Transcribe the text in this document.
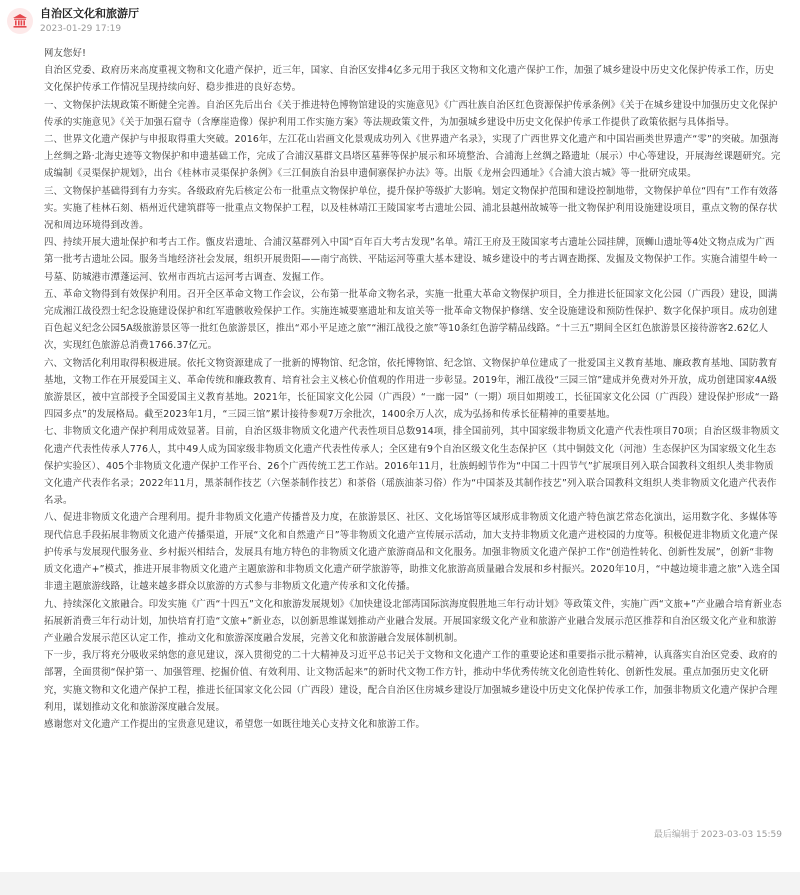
自治区文化和旅游厅
2023-01-29 17:19

网友您好!

自治区党委、政府历来高度重视文物和文化遗产保护，近三年，国家、自治区安排4亿多元用于我区文物和文化遗产保护工作，加强了城乡建设中历史文化保护传承工作，历史文化保护传承工作情况呈现持续向好、稳步推进的良好态势。

一、文物保护法规政策不断健全完善。自治区先后出台《关于推进特色博物馆建设的实施意见》《广西壮族自治区红色资源保护传承条例》《关于在城乡建设中加强历史文化保护传承的实施意见》《关于加强石窟寺（含摩崖造像）保护利用工作实施方案》等法规政策文件，为加强城乡建设中历史文化保护传承工作提供了政策依据与具体指导。

二、世界文化遗产保护与申报取得重大突破。2016年，左江花山岩画文化景观成功列入《世界遗产名录》，实现了广西世界文化遗产和中国岩画类世界遗产“零”的突破。加强海上丝绸之路·北海史迹等文物保护和申遗基础工作，完成了合浦汉墓群文昌塔区墓葬等保护展示和环境整治、合浦海上丝绸之路遗址（展示）中心等建设，开展海丝课题研究。完成编制《灵渠保护规划》，出台《桂林市灵渠保护条例》《三江侗族自治县申遗侗寨保护办法》等。出版《龙州会四通址》《合浦大浪古城》等一批研究成果。

三、文物保护基础得到有力夯实。各级政府先后核定公布一批重点文物保护单位，提升保护等级扩大影响。划定文物保护范围和建设控制地带，文物保护单位“四有”工作有效落实。实施了桂林石刻、梧州近代建筑群等一批重点文物保护工程，以及桂林靖江王陵国家考古遗址公园、浦北县越州故城等一批文物保护利用设施建设项目，重点文物的保存状况和周边环境得到改善。

四、持续开展大遗址保护和考古工作。甑皮岩遗址、合浦汉墓群列入中国“百年百大考古发现”名单。靖江王府及王陵国家考古遗址公园挂牌，顶蛳山遗址等4处文物点成为广西第一批考古遗址公园。服务当地经济社会发展，组织开展贵阳——南宁高铁、平陆运河等重大基本建设、城乡建设中的考古调查勘探、发掘及文物保护工作。实施合浦望牛岭一号墓、防城港市潭蓬运河、钦州市西坑古运河考古调查、发掘工作。

五、革命文物得到有效保护利用。召开全区革命文物工作会议，公布第一批革命文物名录，实施一批重大革命文物保护项目，全力推进长征国家文化公园（广西段）建设，圆满完成湘江战役烈士纪念设施建设保护和红军遗骸收殓保护工作。实施连城要塞遗址和友谊关等一批革命文物保护修缮、安全设施建设和预防性保护、数字化保护项目。成功创建百色起义纪念公园5A级旅游景区等一批红色旅游景区，推出“邓小平足迹之旅”“湘江战役之旅”等10条红色游学精品线路。“十三五”期间全区红色旅游景区接待游客2.62亿人次，实现红色旅游总消费1766.37亿元。

六、文物活化利用取得积极进展。依托文物资源建成了一批新的博物馆、纪念馆，依托博物馆、纪念馆、文物保护单位建成了一批爱国主义教育基地、廉政教育基地、国防教育基地，文物工作在开展爱国主义、革命传统和廉政教育、培育社会主义核心价值观的作用进一步彰显。2019年，湘江战役“三园三馆”建成并免费对外开放，成功创建国家4A级旅游景区，被中宣部授予全国爱国主义教育基地。2021年，长征国家文化公园（广西段）“一廊一园”（一期）项目如期竣工，长征国家文化公园（广西段）建设保护形成“一路四园多点”的发展格局。截至2023年1月，“三园三馆”累计接待参观7万余批次，1400余万人次，成为弘扬和传承长征精神的重要基地。

七、非物质文化遗产保护利用成效显著。目前，自治区级非物质文化遗产代表性项目总数914项，排全国前列，其中国家级非物质文化遗产代表性项目70项；自治区级非物质文化遗产代表性传承人776人，其中49人成为国家级非物质文化遗产代表性传承人；全区建有9个自治区级文化生态保护区（其中铜鼓文化（河池）生态保护区为国家级文化生态保护实验区）、405个非物质文化遗产保护工作平台、26个广西传统工艺工作站。2016年11月，壮族蚂蚓节作为“中国二十四节气”扩展项目列入联合国教科文组织人类非物质文化遗产代表作名录；2022年11月，黑茶制作技艺（六堡茶制作技艺）和茶俗（瑶族油茶习俗）作为“中国茶及其制作技艺”列入联合国教科文组织人类非物质文化遗产代表作名录。

八、促进非物质文化遗产合理利用。提升非物质文化遗产传播普及力度，在旅游景区、社区、文化场馆等区域形成非物质文化遗产特色演艺常态化演出，运用数字化、多媒体等现代信息手段拓展非物质文化遗产传播渠道，开展“文化和自然遗产日”等非物质文化遗产宣传展示活动，加大支持非物质文化遗产进校园的力度等。积极促进非物质文化遗产保护传承与发展现代服务业、乡村振兴相结合，发展具有地方特色的非物质文化遗产旅游商品和文化服务。加强非物质文化遗产保护工作“创造性转化、创新性发展”，创新“非物质文化遗产+”模式，推进开展非物质文化遗产主题旅游和非物质文化遗产研学旅游等，助推文化旅游高质量融合发展和乡村振兴。2020年10月，“中越边境非遗之旅”入选全国非遗主题旅游线路，让越来越多群众以旅游的方式参与非物质文化遗产传承和文化传播。

九、持续深化文旅融合。印发实施《广西“十四五”文化和旅游发展规划》《加快建设北部湾国际滨海度假胜地三年行动计划》等政策文件，实施广西“文旅+”产业融合培育新业态拓展新消费三年行动计划，加快培育打造“文旅+”新业态，以创新思维谋划推动产业融合发展。开展国家级文化产业和旅游产业融合发展示范区推荐和自治区级文化产业和旅游产业融合发展示范区认定工作，推动文化和旅游深度融合发展，完善文化和旅游融合发展体制机制。

下一步，我厅将充分吸收采纳您的意见建议，深入贯彻党的二十大精神及习近平总书记关于文物和文化遗产工作的重要论述和重要指示批示精神，认真落实自治区党委、政府的部署，全面贯彻“保护第一、加强管理、挖掘价值、有效利用、让文物活起来”的新时代文物工作方针，推动中华优秀传统文化创造性转化、创新性发展。重点加强历史文化研究，实施文物和文化遗产保护工程，推进长征国家文化公园（广西段）建设，配合自治区住房城乡建设厅加强城乡建设中历史文化保护传承工作，加强非物质文化遗产保护合理利用，谋划推动文化和旅游深度融合发展。

感谢您对文化遗产工作提出的宝贵意见建议，希望您一如既往地关心支持文化和旅游工作。

最后编辑于 2023-03-03 15:59
